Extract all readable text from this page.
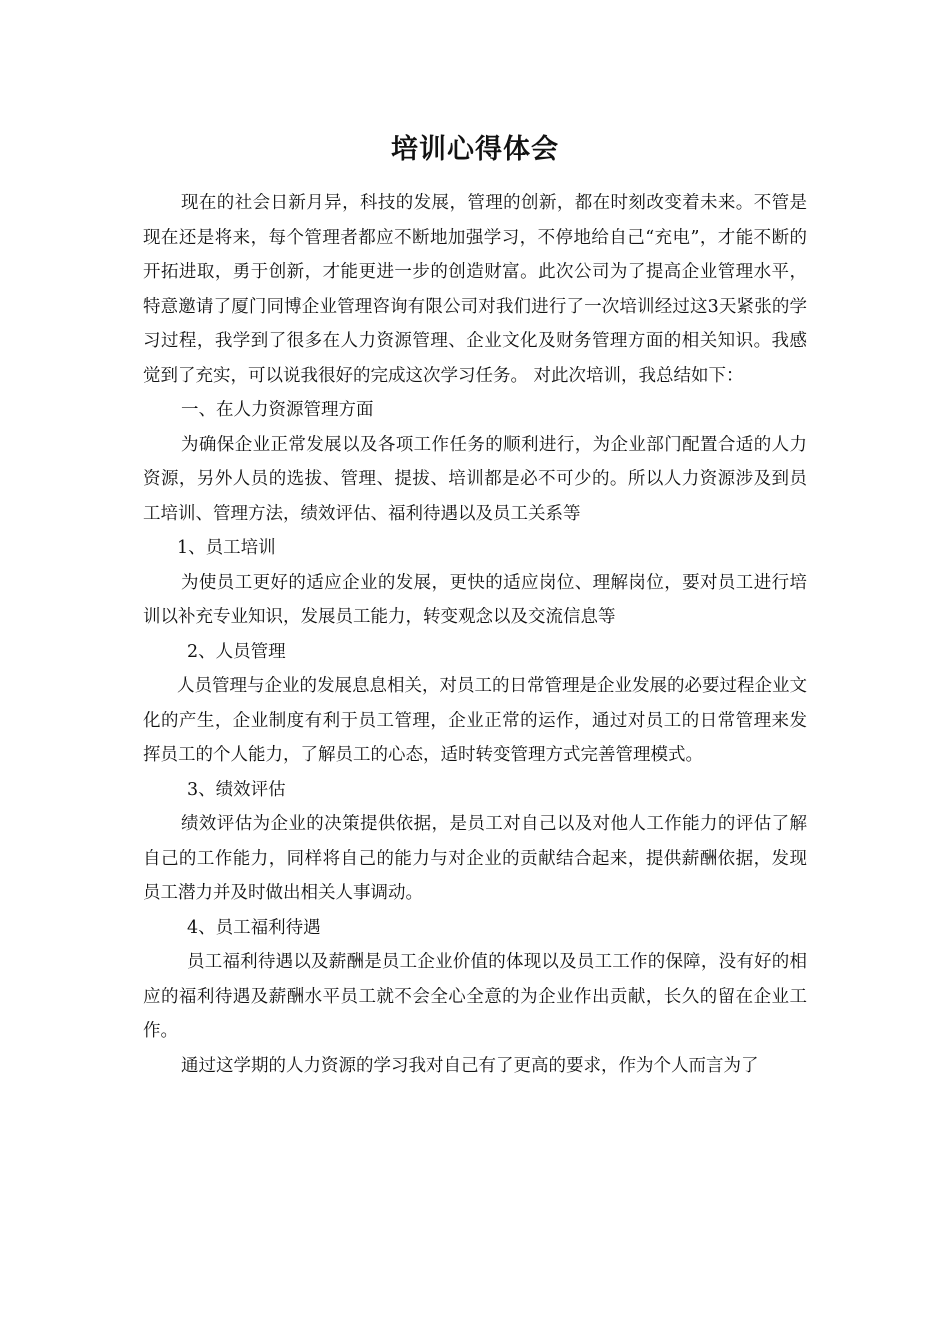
培训心得体会

现在的社会日新月异，科技的发展，管理的创新，都在时刻改变着未来。不管是现在还是将来，每个管理者都应不断地加强学习，不停地给自己“充电”，才能不断的开拓进取，勇于创新，才能更进一步的创造财富。此次公司为了提高企业管理水平，特意邀请了厦门同博企业管理咨询有限公司对我们进行了一次培训经过这3天紧张的学习过程，我学到了很多在人力资源管理、企业文化及财务管理方面的相关知识。我感觉到了充实，可以说我很好的完成这次学习任务。 对此次培训，我总结如下：

一、在人力资源管理方面

为确保企业正常发展以及各项工作任务的顺利进行，为企业部门配置合适的人力资源，另外人员的选拔、管理、提拔、培训都是必不可少的。所以人力资源涉及到员工培训、管理方法，绩效评估、福利待遇以及员工关系等

1、员工培训

为使员工更好的适应企业的发展，更快的适应岗位、理解岗位，要对员工进行培训以补充专业知识，发展员工能力，转变观念以及交流信息等

2、人员管理

人员管理与企业的发展息息相关，对员工的日常管理是企业发展的必要过程企业文化的产生，企业制度有利于员工管理，企业正常的运作，通过对员工的日常管理来发挥员工的个人能力，了解员工的心态，适时转变管理方式完善管理模式。

3、绩效评估

绩效评估为企业的决策提供依据，是员工对自己以及对他人工作能力的评估了解自己的工作能力，同样将自己的能力与对企业的贡献结合起来，提供薪酬依据，发现员工潜力并及时做出相关人事调动。

4、员工福利待遇

员工福利待遇以及薪酬是员工企业价值的体现以及员工工作的保障，没有好的相应的福利待遇及薪酬水平员工就不会全心全意的为企业作出贡献，长久的留在企业工作。

通过这学期的人力资源的学习我对自己有了更高的要求，作为个人而言为了
